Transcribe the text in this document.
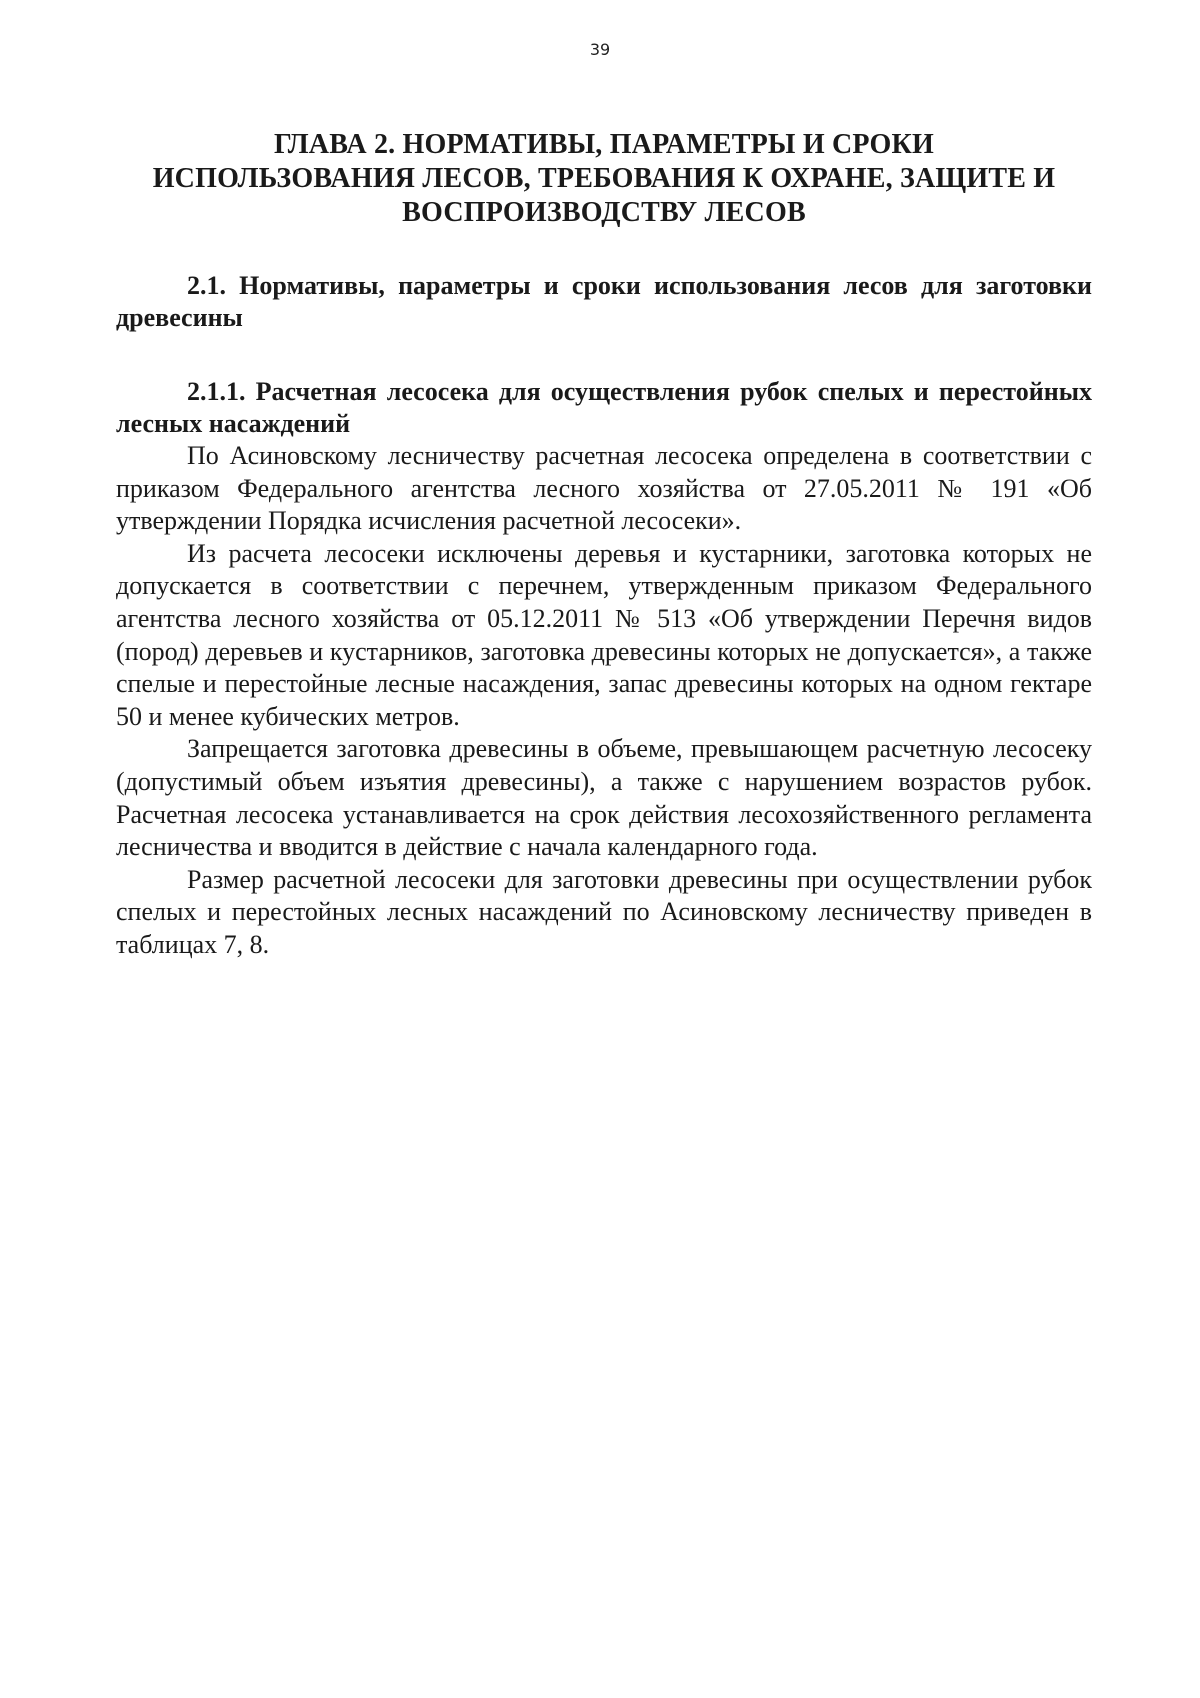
39
ГЛАВА 2. НОРМАТИВЫ, ПАРАМЕТРЫ И СРОКИ
ИСПОЛЬЗОВАНИЯ ЛЕСОВ, ТРЕБОВАНИЯ К ОХРАНЕ, ЗАЩИТЕ И
ВОСПРОИЗВОДСТВУ ЛЕСОВ
2.1. Нормативы, параметры и сроки использования лесов для заготовки древесины
2.1.1. Расчетная лесосека для осуществления рубок спелых и перестойных лесных насаждений

По Асиновскому лесничеству расчетная лесосека определена в соответствии с приказом Федерального агентства лесного хозяйства от 27.05.2011 № 191 «Об утверждении Порядка исчисления расчетной лесосеки».

Из расчета лесосеки исключены деревья и кустарники, заготовка которых не допускается в соответствии с перечнем, утвержденным приказом Федерального агентства лесного хозяйства от 05.12.2011 № 513 «Об утверждении Перечня видов (пород) деревьев и кустарников, заготовка древесины которых не допускается», а также спелые и перестойные лесные насаждения, запас древесины которых на одном гектаре 50 и менее кубических метров.

Запрещается заготовка древесины в объеме, превышающем расчетную лесосеку (допустимый объем изъятия древесины), а также с нарушением возрастов рубок. Расчетная лесосека устанавливается на срок действия лесохозяйственного регламента лесничества и вводится в действие с начала календарного года.

Размер расчетной лесосеки для заготовки древесины при осуществлении рубок спелых и перестойных лесных насаждений по Асиновскому лесничеству приведен в таблицах 7, 8.
